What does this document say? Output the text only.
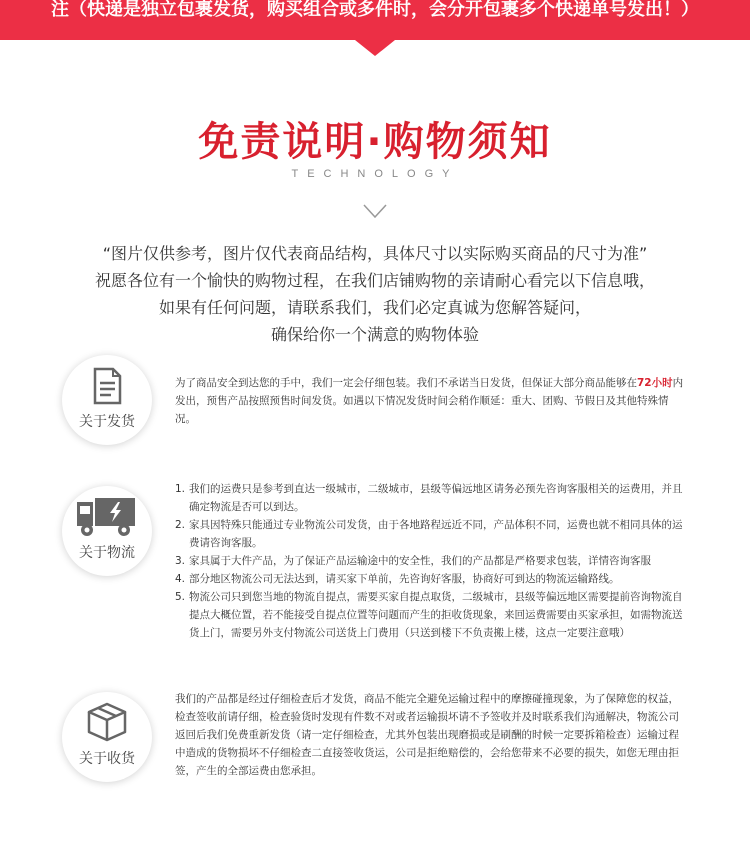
注（快递是独立包裹发货，购买组合或多件时，会分开包裹多个快递单号发出！）
免责说明·购物须知
TECHNOLOGY
“图片仅供参考，图片仅代表商品结构，具体尺寸以实际购买商品的尺寸为准”
祝愿各位有一个愉快的购物过程，在我们店铺购物的亲请耐心看完以下信息哦，
如果有任何问题，请联系我们，我们必定真诚为您解答疑问，
确保给你一个满意的购物体验
关于发货
为了商品安全到达您的手中，我们一定会仔细包装。我们不承诺当日发货，但保证大部分商品能够在72小时内发出，预售产品按照预售时间发货。如遇以下情况发货时间会稍作顺延：重大、团购、节假日及其他特殊情况。
关于物流
1. 我们的运费只是参考到直达一级城市，二级城市，县级等偏远地区请务必预先咨询客服相关的运费用，并且确定物流是否可以到达。
2. 家具因特殊只能通过专业物流公司发货，由于各地路程远近不同，产品体积不同，运费也就不相同具体的运费请咨询客服。
3. 家具属于大件产品，为了保证产品运输途中的安全性，我们的产品都是严格要求包装，详情咨询客服
4. 部分地区物流公司无法达到，请买家下单前，先咨询好客服，协商好可到达的物流运输路线。
5. 物流公司只到您当地的物流自提点，需要买家自提点取货，二级城市，县级等偏远地区需要提前咨询物流自提点大概位置，若不能接受自提点位置等问题而产生的拒收货现象，来回运费需要由买家承担，如需物流送货上门，需要另外支付物流公司送货上门费用（只送到楼下不负责搬上楼，这点一定要注意哦）
关于收货
我们的产品都是经过仔细检查后才发货，商品不能完全避免运输过程中的摩擦碰撞现象，为了保障您的权益，检查签收前请仔细，检查验货时发现有件数不对或者运输损坏请不予签收并及时联系我们沟通解决，物流公司返回后我们免费重新发货（请一定仔细检查，尤其外包装出现磨损或是刷酬的时候一定要拆箱检查）运输过程中造成的货物损坏不仔细检查二直接签收货运，公司是拒绝赔偿的，会给您带来不必要的损失，如您无理由拒签，产生的全部运费由您承担。
